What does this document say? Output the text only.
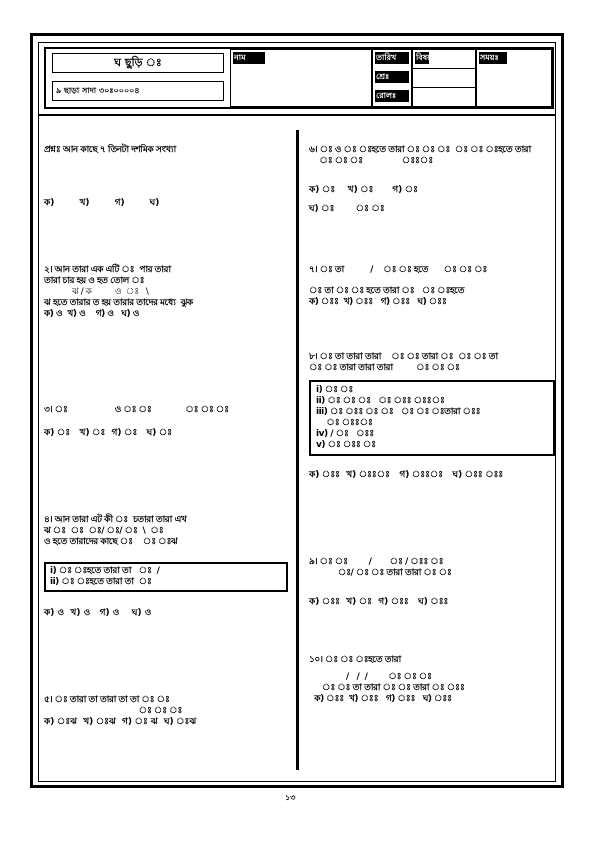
ঘ ছুড়ি ঃ
৯ ছাড়া সাদা ৩০ঃ০০০০৪
নাম	তারিখ
শ্রেঃ
রোলঃ
বিষয়ঃ	সময়ঃ
প্রশ্নঃ আন কাছে ৭ তিনটা দশমিক সংখ্যা
ক)        খ)        গ)        ঘ)
২। আন তারা এক এটি ঃ  পার তারা
তারা চার হয় ও হত তোল ঃ
ঝ / ক          ও  ঃ   \
ঝ হতে তারার ত হয় তারার তাদের মধ্যে  ঝুক
ক) ও  খ) ও    গ) ও   ঘ) ও
৩। ঃ                  ও ঃ ঃ             ঃ ঃ ঃ
ক) ঃ   খ) ঃ  গ) ঃ   ঘ) ঃ
৪। আন তারা এট কী ঃ  চতারা তারা এখ
ঝ ঃ  ঃ  ঃ/ ঃ/ ঃ  \  ঃ
ও হতে তারাদের কাছে ঃ    ঃ ঃঝ
i) ঃ ঃহতে তারা তা   ঃ  /
ii) ঃ ঃহতে তারা তা  ঃ
ক) ও  খ) ও   গ) ও    ঘ) ও
৫। ঃ তারা তা তারা তা তা ঃ ঃ
ঃ ঃ ঃ
ক) ঃঝ  খ) ঃঝ  গ) ঃ ঝ  ঘ) ঃঝ
৬। ঃ ও ঃ ঃহতে তারা ঃ ঃ ঃ  ঃ ঃ ঃহতে তারা
ঃ ঃ ঃ               ঃঃঃ
ক) ঃ    খ) ঃ      গ) ঃ
ঘ) ঃ       ঃ ঃ
৭। ঃ তা          /    ঃ ঃ হতে      ঃ ঃ ঃ
ঃ তা ঃ ঃ হতে তারা ঃ   ঃ ঃহতে
ক) ঃঃ  খ) ঃঃ   গ) ঃঃ   ঘ) ঃঃ
৮। ঃ তা তারা তারা    ঃ ঃ তারা ঃ  ঃ ঃ তা
ঃ ঃ তারা তারা তারা         ঃ ঃ ঃ
i) ঃ ঃ
ii) ঃ ঃ ঃ   ঃ ঃঃ ঃঃঃ
iii) ঃ ঃঃ ঃ ঃ   ঃ ঃ ঃতারা ঃঃ
ঃ ঃঃঃ
iv) / ঃ   ঃঃ
v) ঃ ঃঃ ঃ
ক) ঃঃ  খ) ঃঃঃ   গ) ঃঃঃ   ঘ) ঃঃ ঃঃ
৯। ঃ ঃ        /       ঃ / ঃঃ ঃ
ঃ/ ঃ ঃ তারা তারা ঃ ঃ
ক) ঃঃ  খ) ঃ  গ) ঃঃ   ঘ) ঃঃ
১০। ঃ ঃ ঃহতে তারা
/   /  /        ঃ ঃ ঃ
ঃ ঃ তা তারা ঃ ঃ তারা ঃ ঃঃ
ক) ঃঃ  খ) ঃঃ   গ) ঃঃ   ঘ) ঃঃ
১৩
